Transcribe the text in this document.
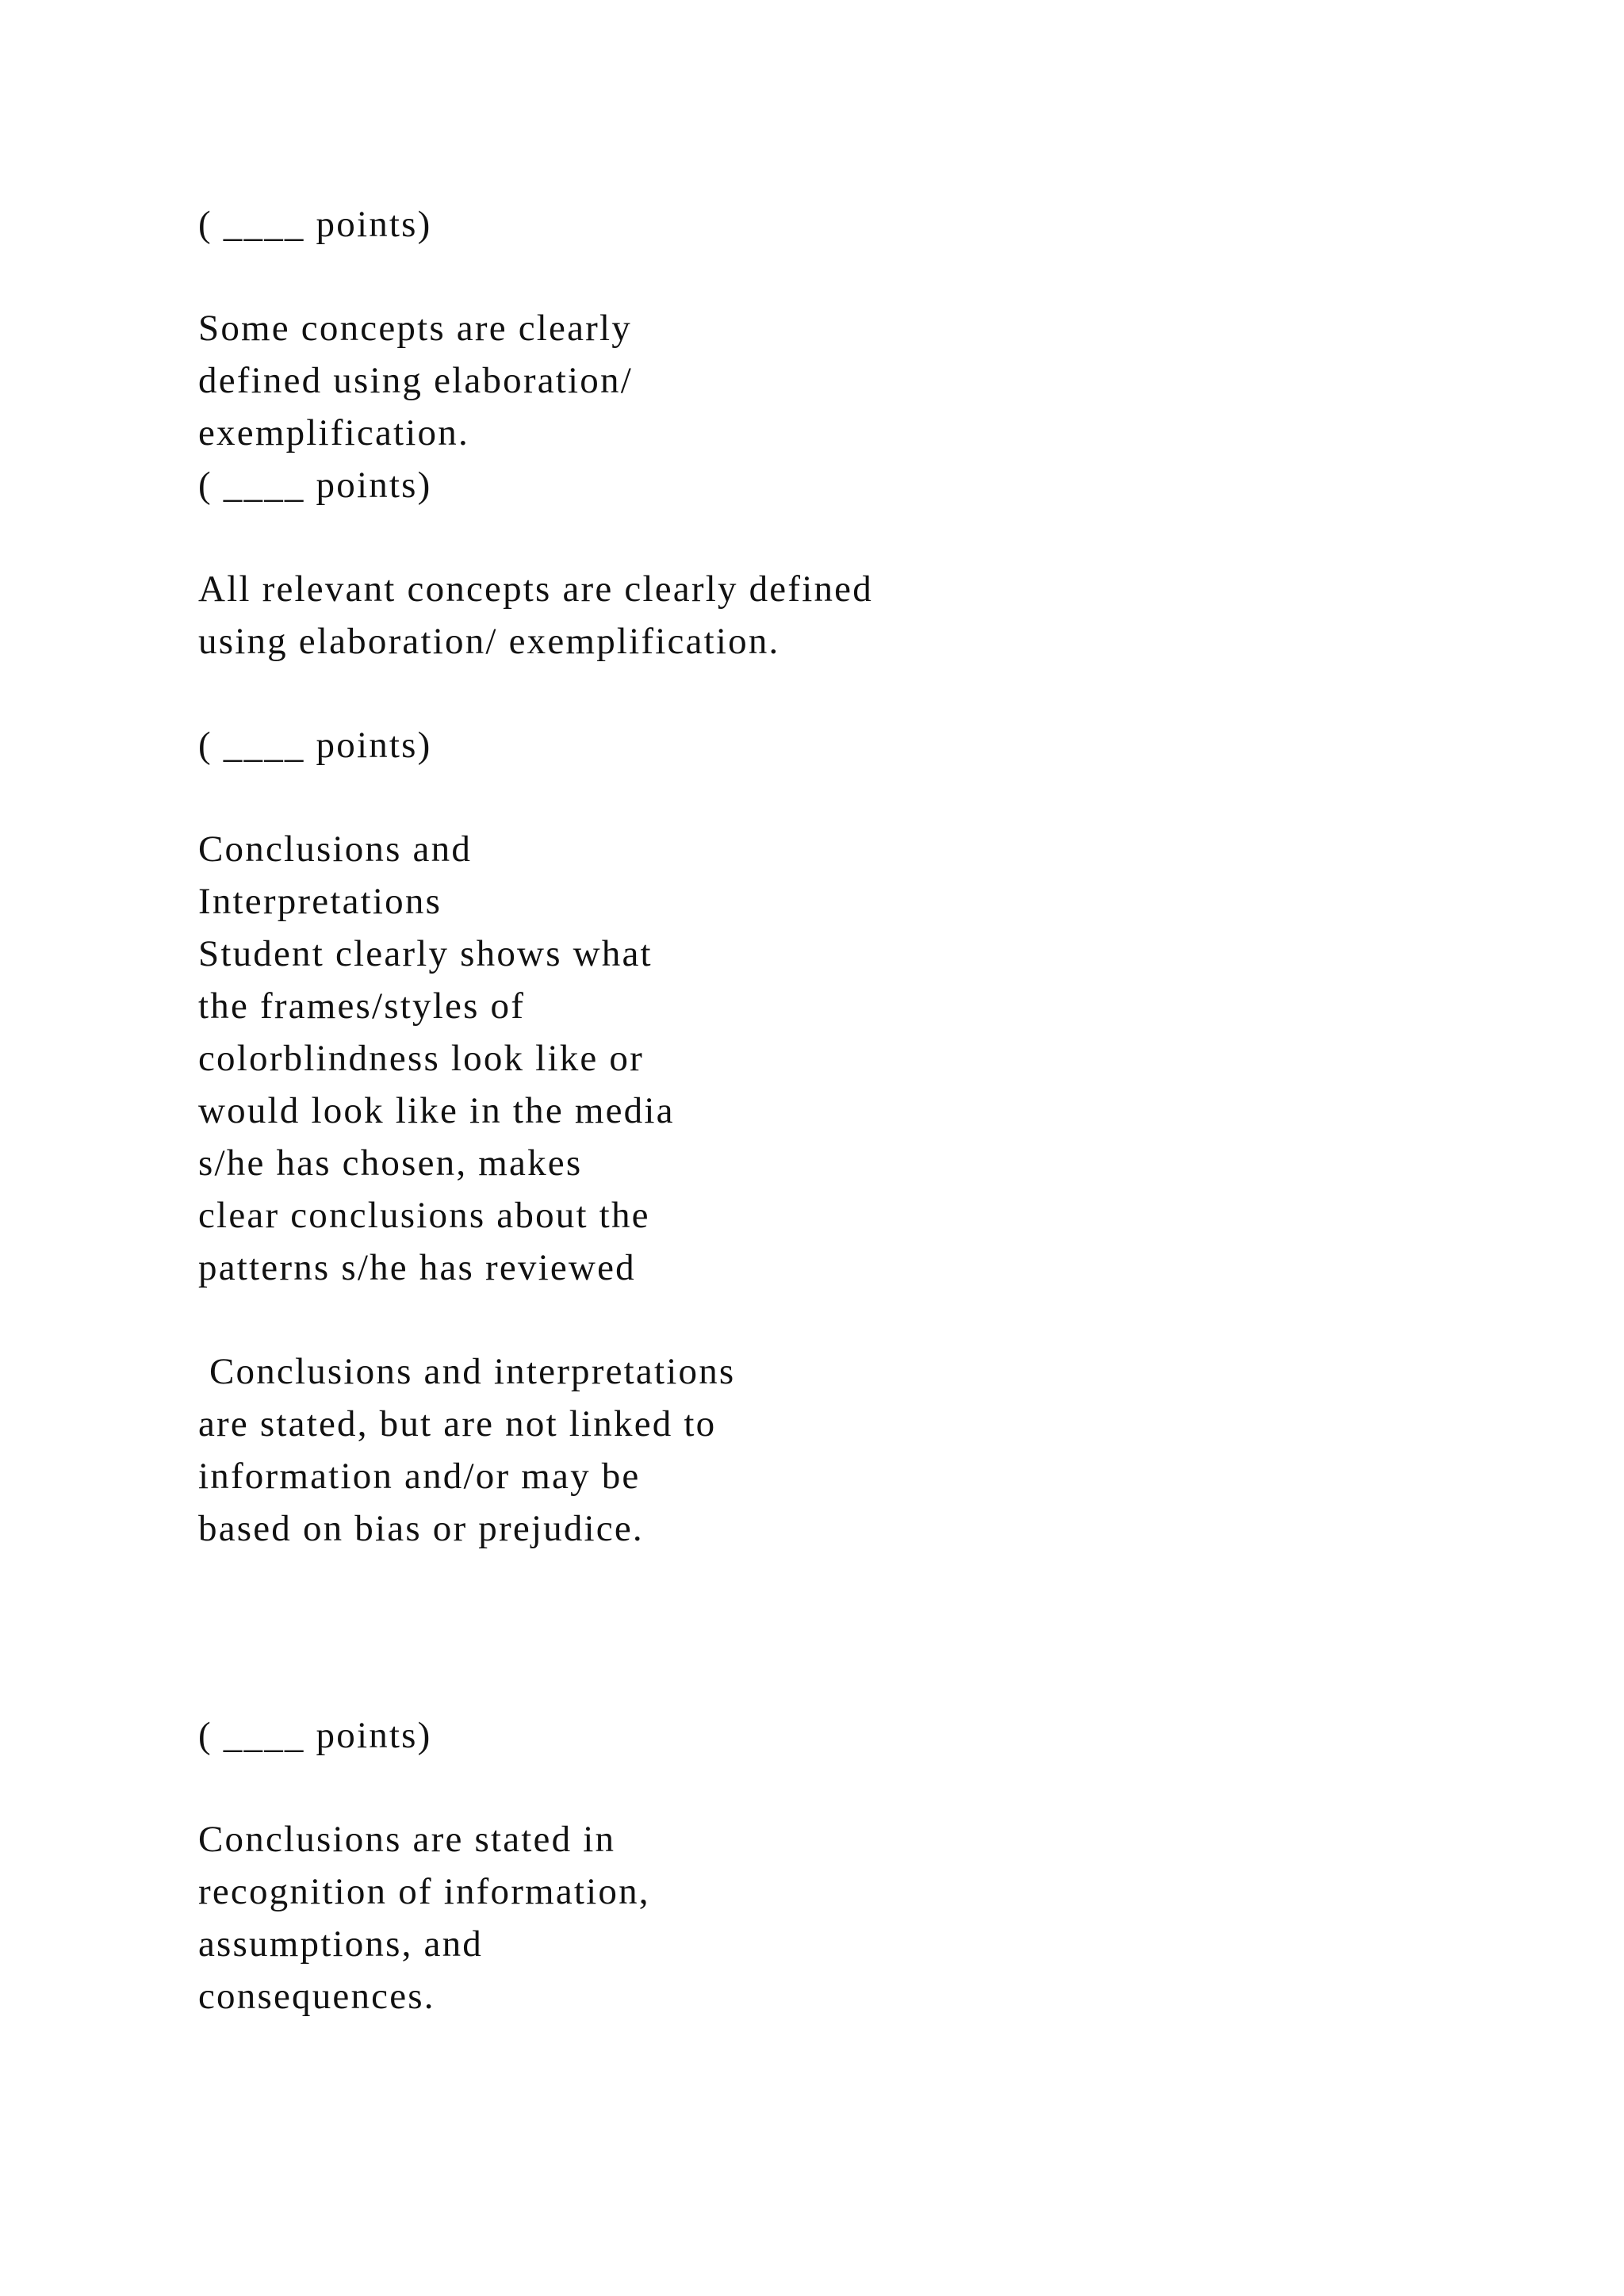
( ____ points)

Some concepts are clearly

defined using elaboration/

exemplification.

( ____ points)

All relevant concepts are clearly defined

using elaboration/ exemplification.

( ____ points)

Conclusions and

Interpretations

Student clearly shows what

the frames/styles of

colorblindness look like or

would look like in the media

s/he has chosen, makes

clear conclusions about the

patterns s/he has reviewed

Conclusions and interpretations

are stated, but are not linked to

information and/or may be

based on bias or prejudice.

( ____ points)

Conclusions are stated in

recognition of information,

assumptions, and

consequences.
